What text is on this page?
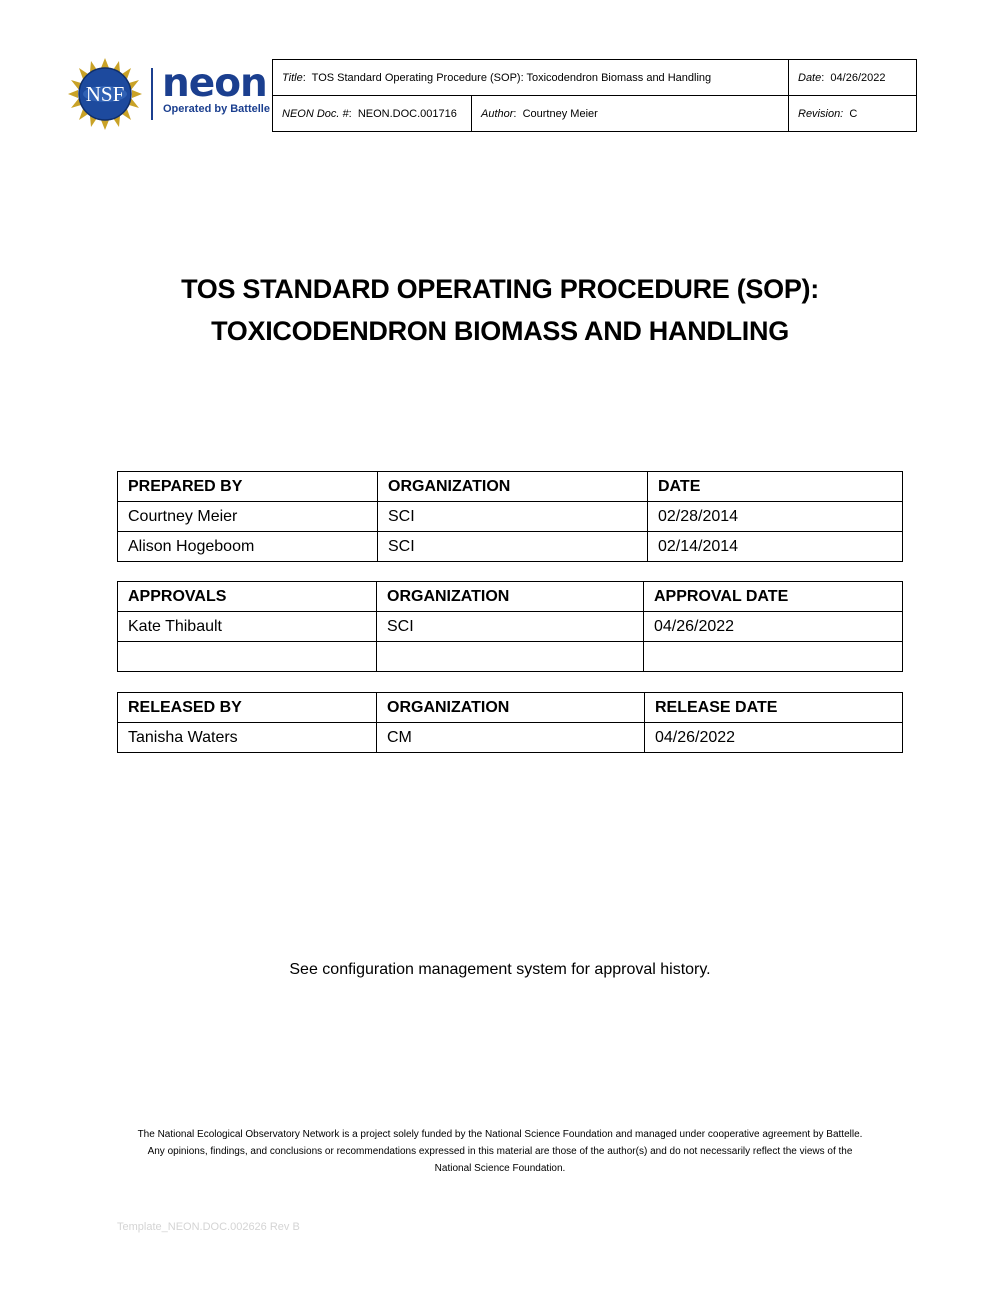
NSF neon
Operated by Battelle
Title:  TOS Standard Operating Procedure (SOP): Toxicodendron Biomass and Handling		Date:  04/26/2022
NEON Doc. #:  NEON.DOC.001716	Author:  Courtney Meier	Revision: C
TOS STANDARD OPERATING PROCEDURE (SOP):
TOXICODENDRON BIOMASS AND HANDLING
PREPARED BY	ORGANIZATION	DATE
Courtney Meier	SCI	02/28/2014
Alison Hogeboom	SCI	02/14/2014
APPROVALS	ORGANIZATION	APPROVAL DATE
Kate Thibault	SCI	04/26/2022

RELEASED BY	ORGANIZATION	RELEASE DATE
Tanisha Waters	CM	04/26/2022
See configuration management system for approval history.
The National Ecological Observatory Network is a project solely funded by the National Science Foundation and managed under cooperative agreement by Battelle.
Any opinions, findings, and conclusions or recommendations expressed in this material are those of the author(s) and do not necessarily reflect the views of the
National Science Foundation.
Template_NEON.DOC.002626 Rev B
